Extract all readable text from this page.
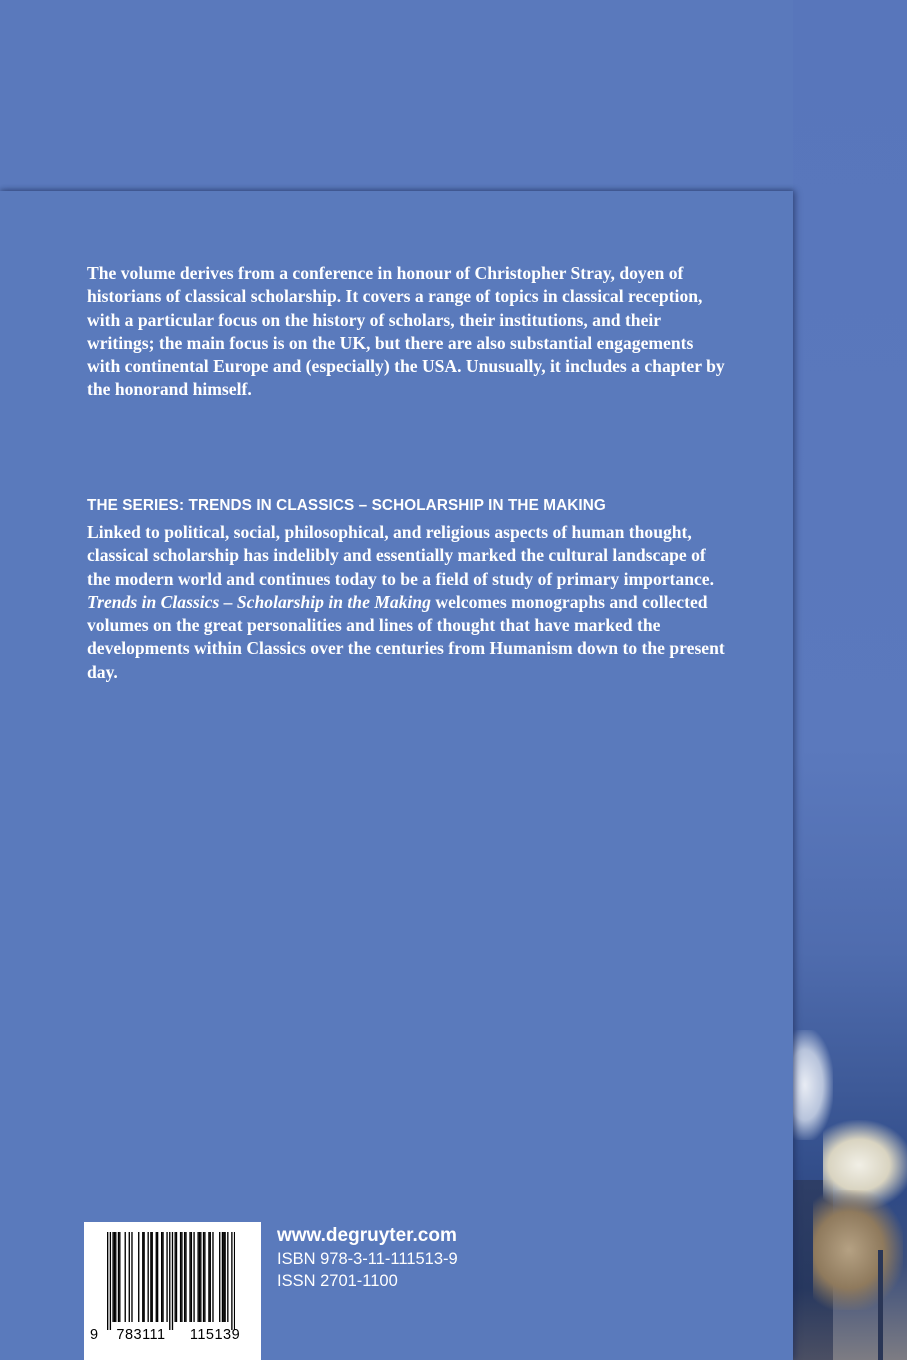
The volume derives from a conference in honour of Christopher Stray, doyen of historians of classical scholarship. It covers a range of topics in classical reception, with a particular focus on the history of scholars, their institutions, and their writings; the main focus is on the UK, but there are also substantial engagements with continental Europe and (especially) the USA. Unusually, it includes a chapter by the honorand himself.

THE SERIES: TRENDS IN CLASSICS – SCHOLARSHIP IN THE MAKING

Linked to political, social, philosophical, and religious aspects of human thought, classical scholarship has indelibly and essentially marked the cultural landscape of the modern world and continues today to be a field of study of primary importance. Trends in Classics – Scholarship in the Making welcomes monographs and collected volumes on the great personalities and lines of thought that have marked the developments within Classics over the centuries from Humanism down to the present day.

9	783111	115139
www.degruyter.com
ISBN 978-3-11-111513-9
ISSN 2701-1100
